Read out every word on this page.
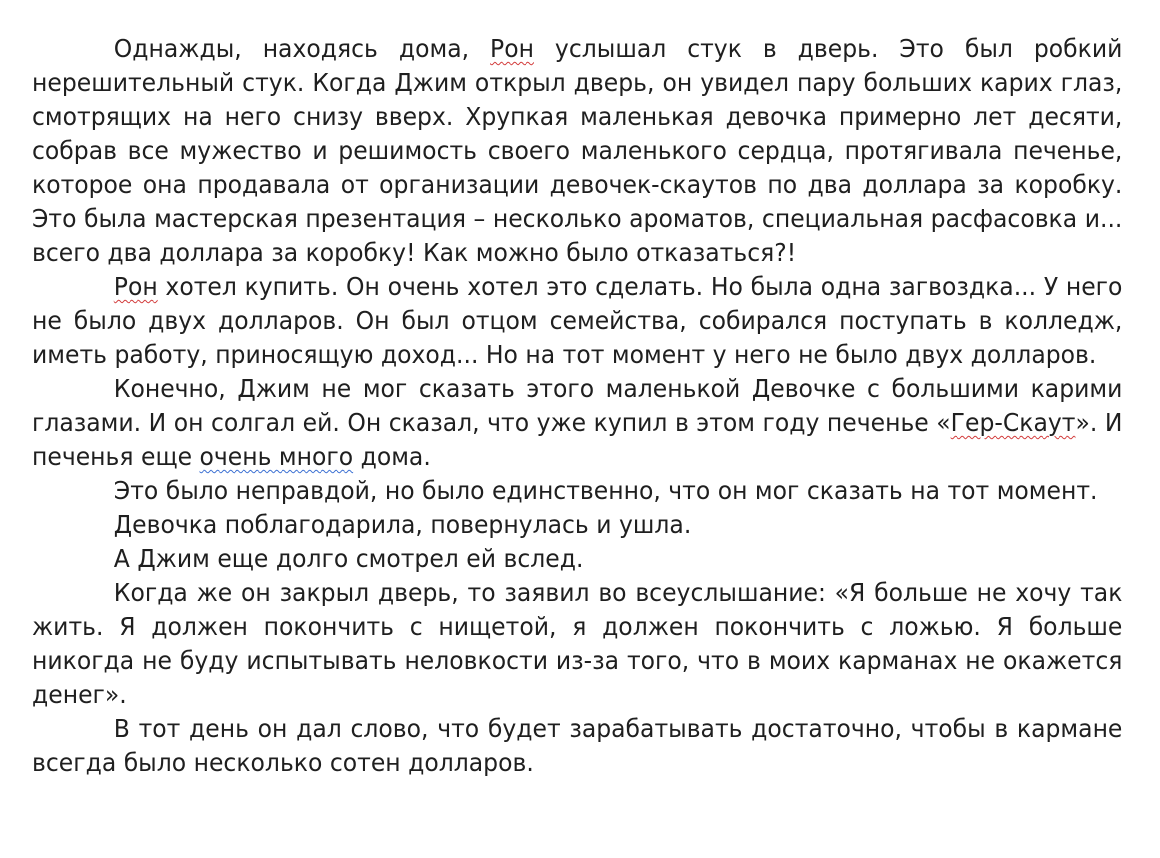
Однажды, находясь дома, Рон услышал стук в дверь. Это был робкий нерешительный стук. Когда Джим открыл дверь, он увидел пару больших карих глаз, смотрящих на него снизу вверх. Хрупкая маленькая девочка примерно лет десяти, собрав все мужество и решимость своего маленького сердца, протягивала печенье, которое она продавала от организации девочек-скаутов по два доллара за коробку. Это была мастерская презентация – несколько ароматов, специальная расфасовка и... всего два доллара за коробку! Как можно было отказаться?!

Рон хотел купить. Он очень хотел это сделать. Но была одна загвоздка... У него не было двух долларов. Он был отцом семейства, собирался поступать в колледж, иметь работу, приносящую доход... Но на тот момент у него не было двух долларов.

Конечно, Джим не мог сказать этого маленькой Девочке с большими карими глазами. И он солгал ей. Он сказал, что уже купил в этом году печенье «Гер-Скаут». И печенья еще очень много дома.

Это было неправдой, но было единственно, что он мог сказать на тот момент.

Девочка поблагодарила, повернулась и ушла.

А Джим еще долго смотрел ей вслед.

Когда же он закрыл дверь, то заявил во всеуслышание: «Я больше не хочу так жить. Я должен покончить с нищетой, я должен покончить с ложью. Я больше никогда не буду испытывать неловкости из-за того, что в моих карманах не окажется денег».

В тот день он дал слово, что будет зарабатывать достаточно, чтобы в кармане всегда было несколько сотен долларов.
